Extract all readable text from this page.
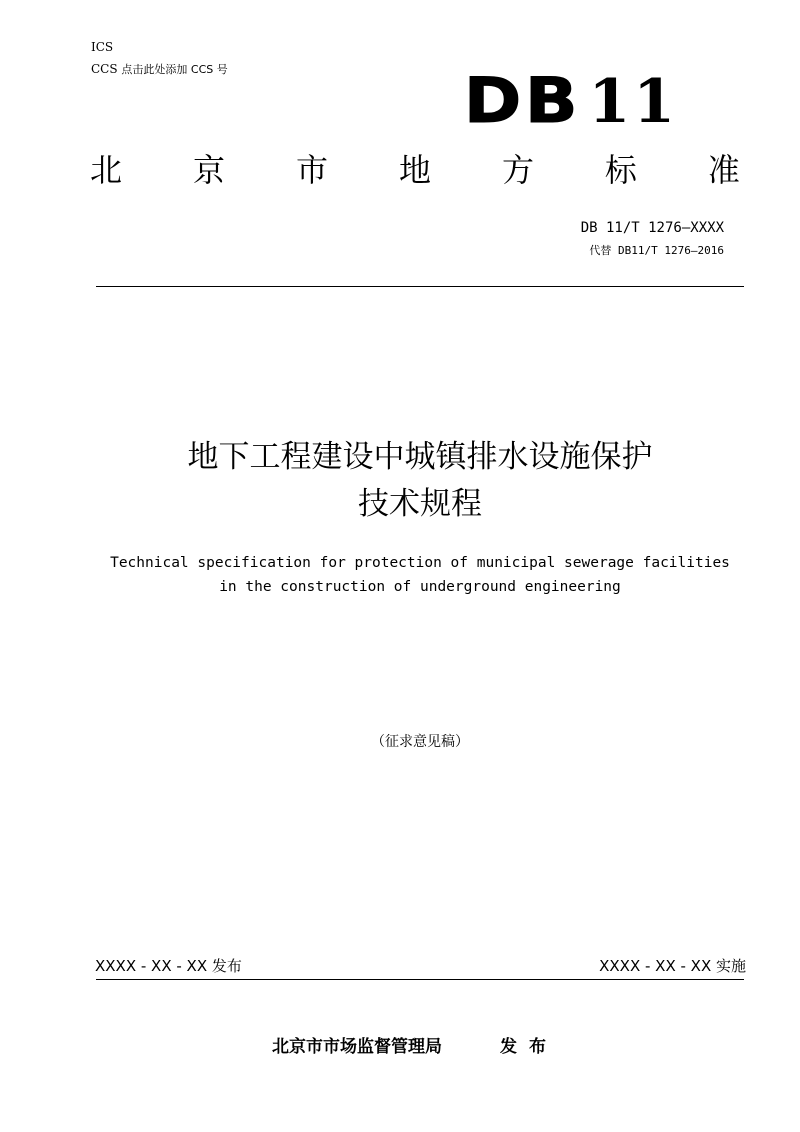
ICS
CCS 点击此处添加 CCS 号	DB 11
北 京 市 地 方 标 准
DB 11/T 1276—XXXX
代替 DB11/T 1276—2016
地下工程建设中城镇排水设施保护
技术规程
Technical specification for protection of municipal sewerage facilities
in the construction of underground engineering
（征求意见稿）
XXXX - XX - XX 发布	XXXX - XX - XX 实施
北京市市场监督管理局	发布
